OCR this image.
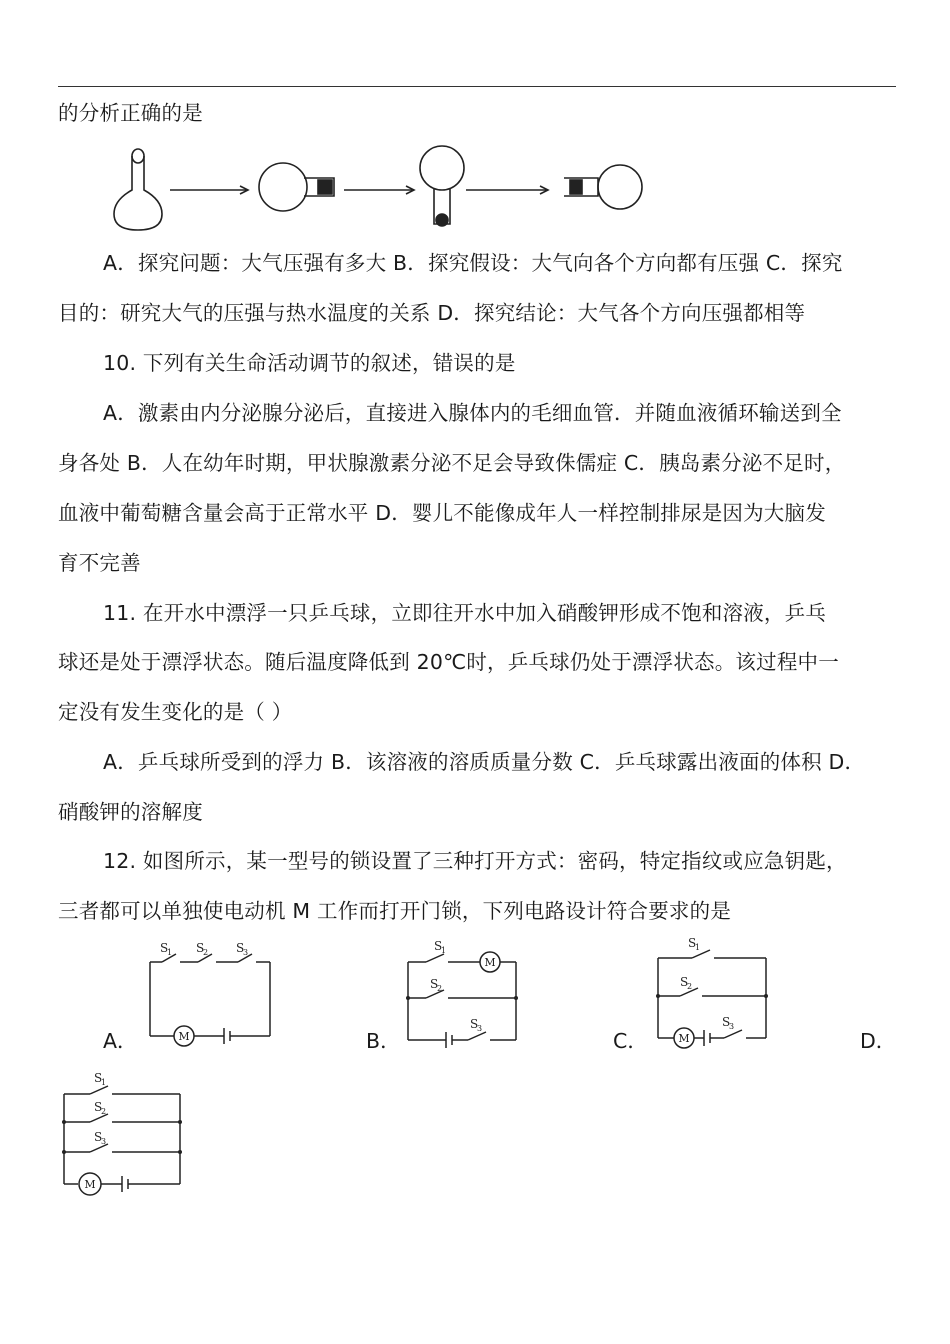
的分析正确的是
A．探究问题：大气压强有多大 B．探究假设：大气向各个方向都有压强 C．探究
目的：研究大气的压强与热水温度的关系 D．探究结论：大气各个方向压强都相等
10. 下列有关生命活动调节的叙述，错误的是
A．激素由内分泌腺分泌后，直接进入腺体内的毛细血管．并随血液循环输送到全
身各处 B．人在幼年时期，甲状腺激素分泌不足会导致侏儒症 C．胰岛素分泌不足时，
血液中葡萄糖含量会高于正常水平 D．婴儿不能像成年人一样控制排尿是因为大脑发
育不完善
11. 在开水中漂浮一只乒乓球，立即往开水中加入硝酸钾形成不饱和溶液，乒乓
球还是处于漂浮状态。随后温度降低到 20℃时，乒乓球仍处于漂浮状态。该过程中一
定没有发生变化的是（ ）
A．乒乓球所受到的浮力 B．该溶液的溶质质量分数 C．乒乓球露出液面的体积 D．
硝酸钾的溶解度
12. 如图所示，某一型号的锁设置了三种打开方式：密码，特定指纹或应急钥匙，
三者都可以单独使电动机 M 工作而打开门锁，下列电路设计符合要求的是
A．	B．	C．	D．
M
S
1 S
2 S
3
M
S
1
S
2
S
3
M
S
1
S
2
S
3
M
S
1
S
2
S
3
